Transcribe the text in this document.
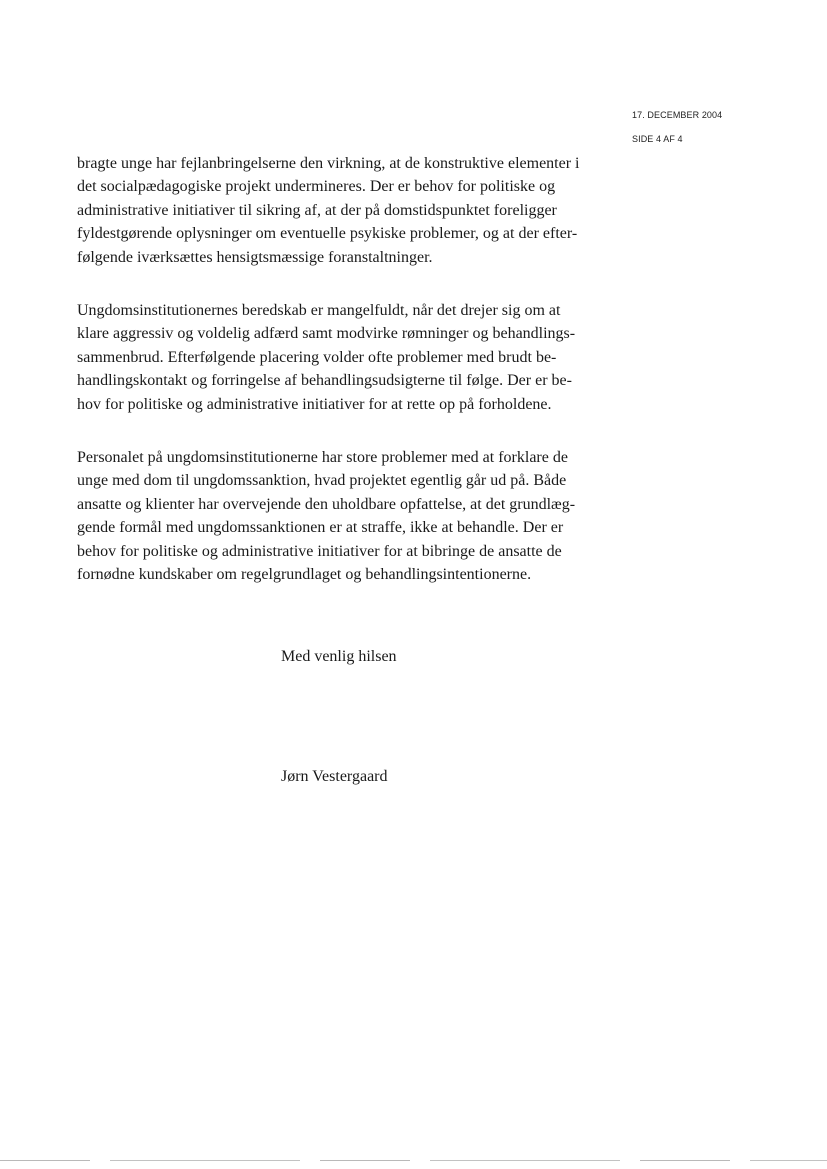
17. DECEMBER 2004
SIDE 4 AF 4
bragte unge har fejlanbringelserne den virkning, at de konstruktive elementer i
det socialpædagogiske projekt undermineres. Der er behov for politiske og
administrative initiativer til sikring af, at der på domstidspunktet foreligger
fyldestgørende oplysninger om eventuelle psykiske problemer, og at der efter-
følgende iværksættes hensigtsmæssige foranstaltninger.
Ungdomsinstitutionernes beredskab er mangelfuldt, når det drejer sig om at
klare aggressiv og voldelig adfærd samt modvirke rømninger og behandlings-
sammenbrud. Efterfølgende placering volder ofte problemer med brudt be-
handlingskontakt og forringelse af behandlingsudsigterne til følge. Der er be-
hov for politiske og administrative initiativer for at rette op på forholdene.
Personalet på ungdomsinstitutionerne har store problemer med at forklare de
unge med dom til ungdomssanktion, hvad projektet egentlig går ud på. Både
ansatte og klienter har overvejende den uholdbare opfattelse, at det grundlæg-
gende formål med ungdomssanktionen er at straffe, ikke at behandle. Der er
behov for politiske og administrative initiativer for at bibringe de ansatte de
fornødne kundskaber om regelgrundlaget og behandlingsintentionerne.
Med venlig hilsen
Jørn Vestergaard
